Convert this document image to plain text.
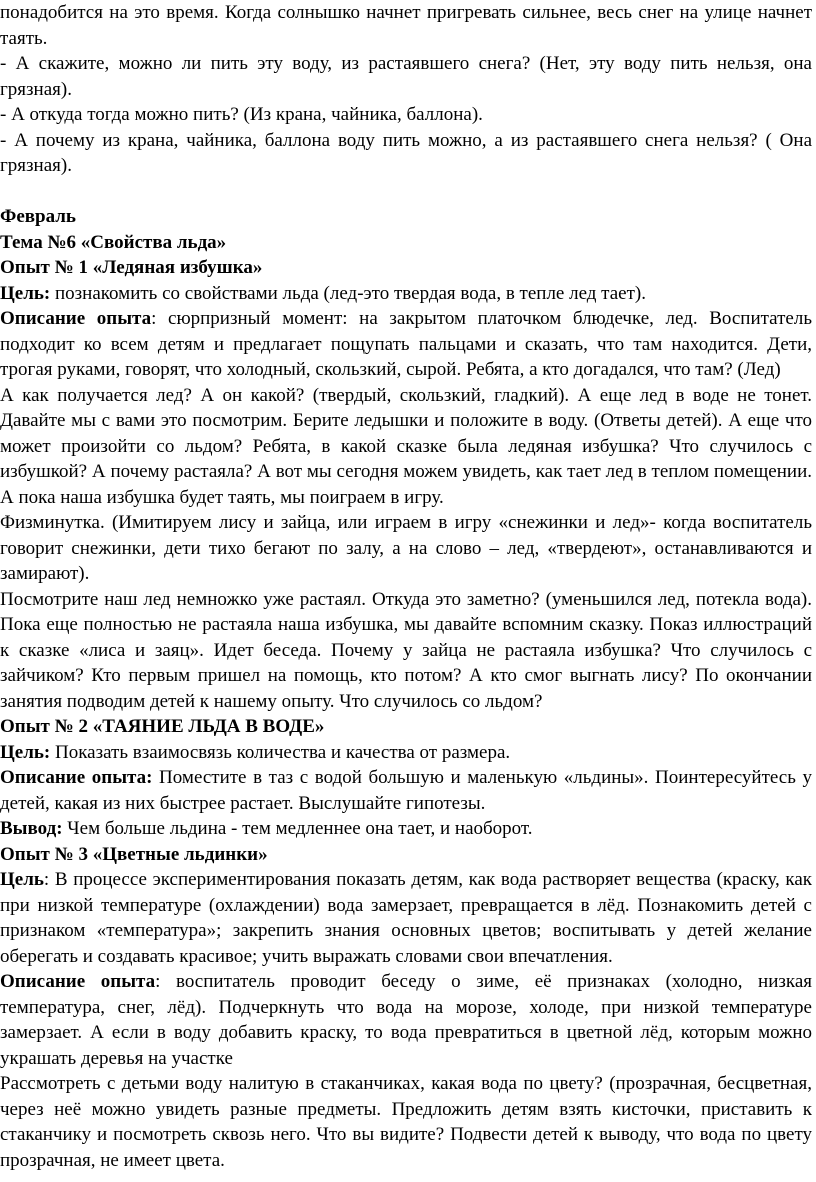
понадобится на это время. Когда солнышко начнет пригревать сильнее, весь снег на улице начнет таять.

- А скажите, можно ли пить эту воду, из растаявшего снега? (Нет, эту воду пить нельзя, она грязная).

- А откуда тогда можно пить? (Из крана, чайника, баллона).

- А почему из крана, чайника, баллона воду пить можно, а из растаявшего снега нельзя? ( Она грязная).

Февраль

Тема №6 «Свойства льда»

Опыт № 1 «Ледяная избушка»

Цель: познакомить со свойствами льда (лед-это твердая вода, в тепле лед тает).

Описание опыта: сюрпризный момент: на закрытом платочком блюдечке, лед. Воспитатель подходит ко всем детям и предлагает пощупать пальцами и сказать, что там находится. Дети, трогая руками, говорят, что холодный, скользкий, сырой. Ребята, а кто догадался, что там? (Лед)

А как получается лед? А он какой? (твердый, скользкий, гладкий). А еще лед в воде не тонет. Давайте мы с вами это посмотрим. Берите ледышки и положите в воду. (Ответы детей). А еще что может произойти со льдом? Ребята, в какой сказке была ледяная избушка? Что случилось с избушкой? А почему растаяла? А вот мы сегодня можем увидеть, как тает лед в теплом помещении. А пока наша избушка будет таять, мы поиграем в игру.

Физминутка. (Имитируем лису и зайца, или играем в игру «снежинки и лед»- когда воспитатель говорит снежинки, дети тихо бегают по залу, а на слово – лед, «твердеют», останавливаются и замирают).

Посмотрите наш лед немножко уже растаял. Откуда это заметно? (уменьшился лед, потекла вода). Пока еще полностью не растаяла наша избушка, мы давайте вспомним сказку. Показ иллюстраций к сказке «лиса и заяц». Идет беседа. Почему у зайца не растаяла избушка? Что случилось с зайчиком? Кто первым пришел на помощь, кто потом? А кто смог выгнать лису? По окончании занятия подводим детей к нашему опыту. Что случилось со льдом?

Опыт № 2 «ТАЯНИЕ ЛЬДА В ВОДЕ»

Цель: Показать взаимосвязь количества и качества от размера.

Описание опыта: Поместите в таз с водой большую и маленькую «льдины». Поинтересуйтесь у детей, какая из них быстрее растает. Выслушайте гипотезы.

Вывод: Чем больше льдина - тем медленнее она тает, и наоборот.

Опыт № 3 «Цветные льдинки»

Цель: В процессе экспериментирования показать детям, как вода растворяет вещества (краску, как при низкой температуре (охлаждении) вода замерзает, превращается в лёд. Познакомить детей с признаком «температура»; закрепить знания основных цветов; воспитывать у детей желание оберегать и создавать красивое; учить выражать словами свои впечатления.

Описание опыта: воспитатель проводит беседу о зиме, её признаках (холодно, низкая температура, снег, лёд). Подчеркнуть что вода на морозе, холоде, при низкой температуре замерзает. А если в воду добавить краску, то вода превратиться в цветной лёд, которым можно украшать деревья на участке

Рассмотреть с детьми воду налитую в стаканчиках, какая вода по цвету? (прозрачная, бесцветная, через неё можно увидеть разные предметы. Предложить детям взять кисточки, приставить к стаканчику и посмотреть сквозь него. Что вы видите? Подвести детей к выводу, что вода по цвету прозрачная, не имеет цвета.
